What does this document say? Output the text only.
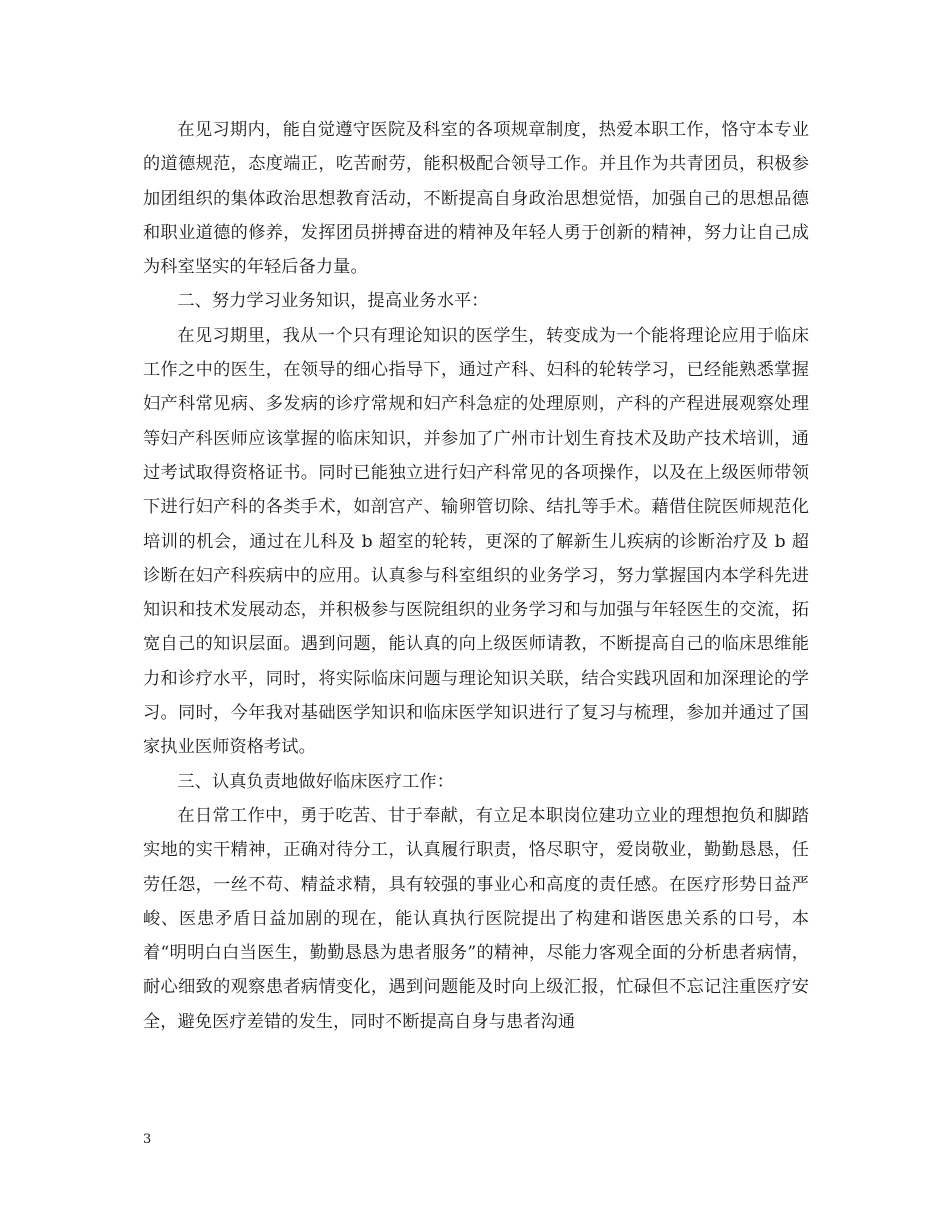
在见习期内，能自觉遵守医院及科室的各项规章制度，热爱本职工作，恪守本专业的道德规范，态度端正，吃苦耐劳，能积极配合领导工作。并且作为共青团员，积极参加团组织的集体政治思想教育活动，不断提高自身政治思想觉悟，加强自己的思想品德和职业道德的修养，发挥团员拼搏奋进的精神及年轻人勇于创新的精神，努力让自己成为科室坚实的年轻后备力量。

二、努力学习业务知识，提高业务水平：

在见习期里，我从一个只有理论知识的医学生，转变成为一个能将理论应用于临床工作之中的医生，在领导的细心指导下，通过产科、妇科的轮转学习，已经能熟悉掌握妇产科常见病、多发病的诊疗常规和妇产科急症的处理原则，产科的产程进展观察处理等妇产科医师应该掌握的临床知识，并参加了广州市计划生育技术及助产技术培训，通过考试取得资格证书。同时已能独立进行妇产科常见的各项操作，以及在上级医师带领下进行妇产科的各类手术，如剖宫产、输卵管切除、结扎等手术。藉借住院医师规范化培训的机会，通过在儿科及 b 超室的轮转，更深的了解新生儿疾病的诊断治疗及 b 超诊断在妇产科疾病中的应用。认真参与科室组织的业务学习，努力掌握国内本学科先进知识和技术发展动态，并积极参与医院组织的业务学习和与加强与年轻医生的交流，拓宽自己的知识层面。遇到问题，能认真的向上级医师请教，不断提高自己的临床思维能力和诊疗水平，同时，将实际临床问题与理论知识关联，结合实践巩固和加深理论的学习。同时，今年我对基础医学知识和临床医学知识进行了复习与梳理，参加并通过了国家执业医师资格考试。

三、认真负责地做好临床医疗工作：

在日常工作中，勇于吃苦、甘于奉献，有立足本职岗位建功立业的理想抱负和脚踏实地的实干精神，正确对待分工，认真履行职责，恪尽职守，爱岗敬业，勤勤恳恳，任劳任怨，一丝不苟、精益求精，具有较强的事业心和高度的责任感。在医疗形势日益严峻、医患矛盾日益加剧的现在，能认真执行医院提出了构建和谐医患关系的口号，本着“明明白白当医生，勤勤恳恳为患者服务”的精神，尽能力客观全面的分析患者病情，耐心细致的观察患者病情变化，遇到问题能及时向上级汇报，忙碌但不忘记注重医疗安全，避免医疗差错的发生，同时不断提高自身与患者沟通

3
